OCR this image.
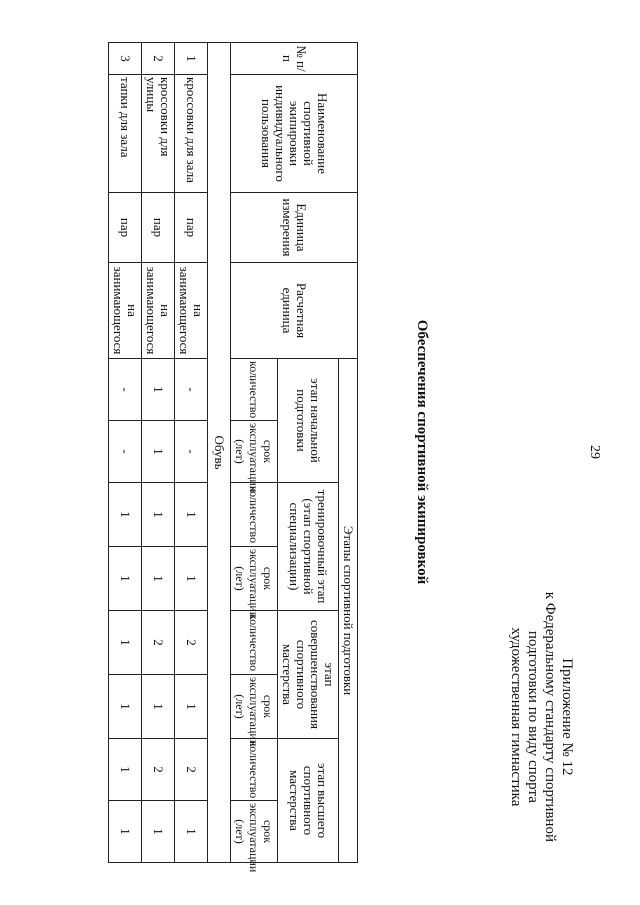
29
Приложение № 12
к Федеральному стандарту спортивной
подготовки по виду спорта
художественная гимнастика
Обеспечения спортивной экипировкой
№ п/п	Наименование спортивной экипировки индивидуального пользования	Единица измерения	Расчетная единица	Этапы спортивной подготовки							
				этап начальной подготовки		тренировочный этап (этап спортивной специализации)		этап совершенствования спортивного мастерства		этап высшего спортивного мастерства	
				количество	срок эксплуатации (лет)	количество	срок эксплуатации (лет)	количество	срок эксплуатации (лет)	количество	срок эксплуатации (лет)
Обувь											
1	кроссовки для зала	пар	на занимающегося	-	-	1	1	2	1	2	1
2	кроссовки для улицы	пар	на занимающегося	1	1	1	1	2	1	2	1
3	тапки для зала	пар	на занимающегося	-	-	1	1	1	1	1	1
